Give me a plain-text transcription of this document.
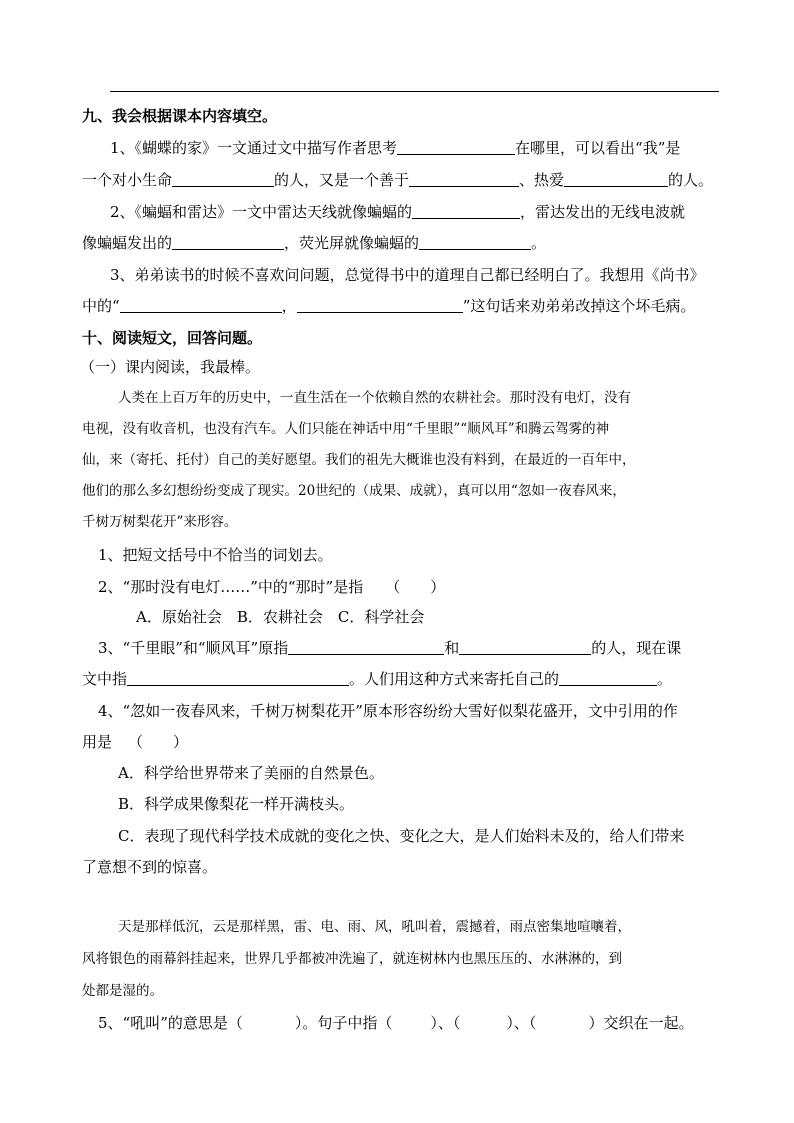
九、我会根据课本内容填空。
1、《蝴蝶的家》一文通过文中描写作者思考	在哪里，可以看出“我”是
一个对小生命	的人，又是一个善于	、热爱	的人。
2、《蝙蝠和雷达》一文中雷达天线就像蝙蝠的	，雷达发出的无线电波就
像蝙蝠发出的	，荧光屏就像蝙蝠的	。
3、弟弟读书的时候不喜欢问问题，总觉得书中的道理自己都已经明白了。我想用《尚书》
中的“	，	”这句话来劝弟弟改掉这个坏毛病。
十、阅读短文，回答问题。
（一）课内阅读，我最棒。
人类在上百万年的历史中，一直生活在一个依赖自然的农耕社会。那时没有电灯，没有
电视，没有收音机，也没有汽车。人们只能在神话中用“千里眼”“顺风耳”和腾云驾雾的神
仙，来（寄托、托付）自己的美好愿望。我们的祖先大概谁也没有料到，在最近的一百年中，
他们的那么多幻想纷纷变成了现实。20世纪的（成果、成就），真可以用“忽如一夜春风来，
千树万树梨花开”来形容。
1、把短文括号中不恰当的词划去。
2、“那时没有电灯……”中的“那时”是指 （　　）
A．原始社会　B．农耕社会　C．科学社会
3、“千里眼”和“顺风耳”原指	和	的人，现在课
文中指	。人们用这种方式来寄托自己的	。
4、“忽如一夜春风来，千树万树梨花开”原本形容纷纷大雪好似梨花盛开，文中引用的作
用是 （　　）
A．科学给世界带来了美丽的自然景色。
B．科学成果像梨花一样开满枝头。
C．表现了现代科学技术成就的变化之快、变化之大，是人们始料未及的，给人们带来
了意想不到的惊喜。
天是那样低沉，云是那样黑，雷、电、雨、风，吼叫着，震撼着，雨点密集地喧嚷着，
风将银色的雨幕斜挂起来，世界几乎都被冲洗遍了，就连树林内也黑压压的、水淋淋的，到
处都是湿的。
5、“吼叫”的意思是（	）。句子中指（	）、（	）、（	）交织在一起。
